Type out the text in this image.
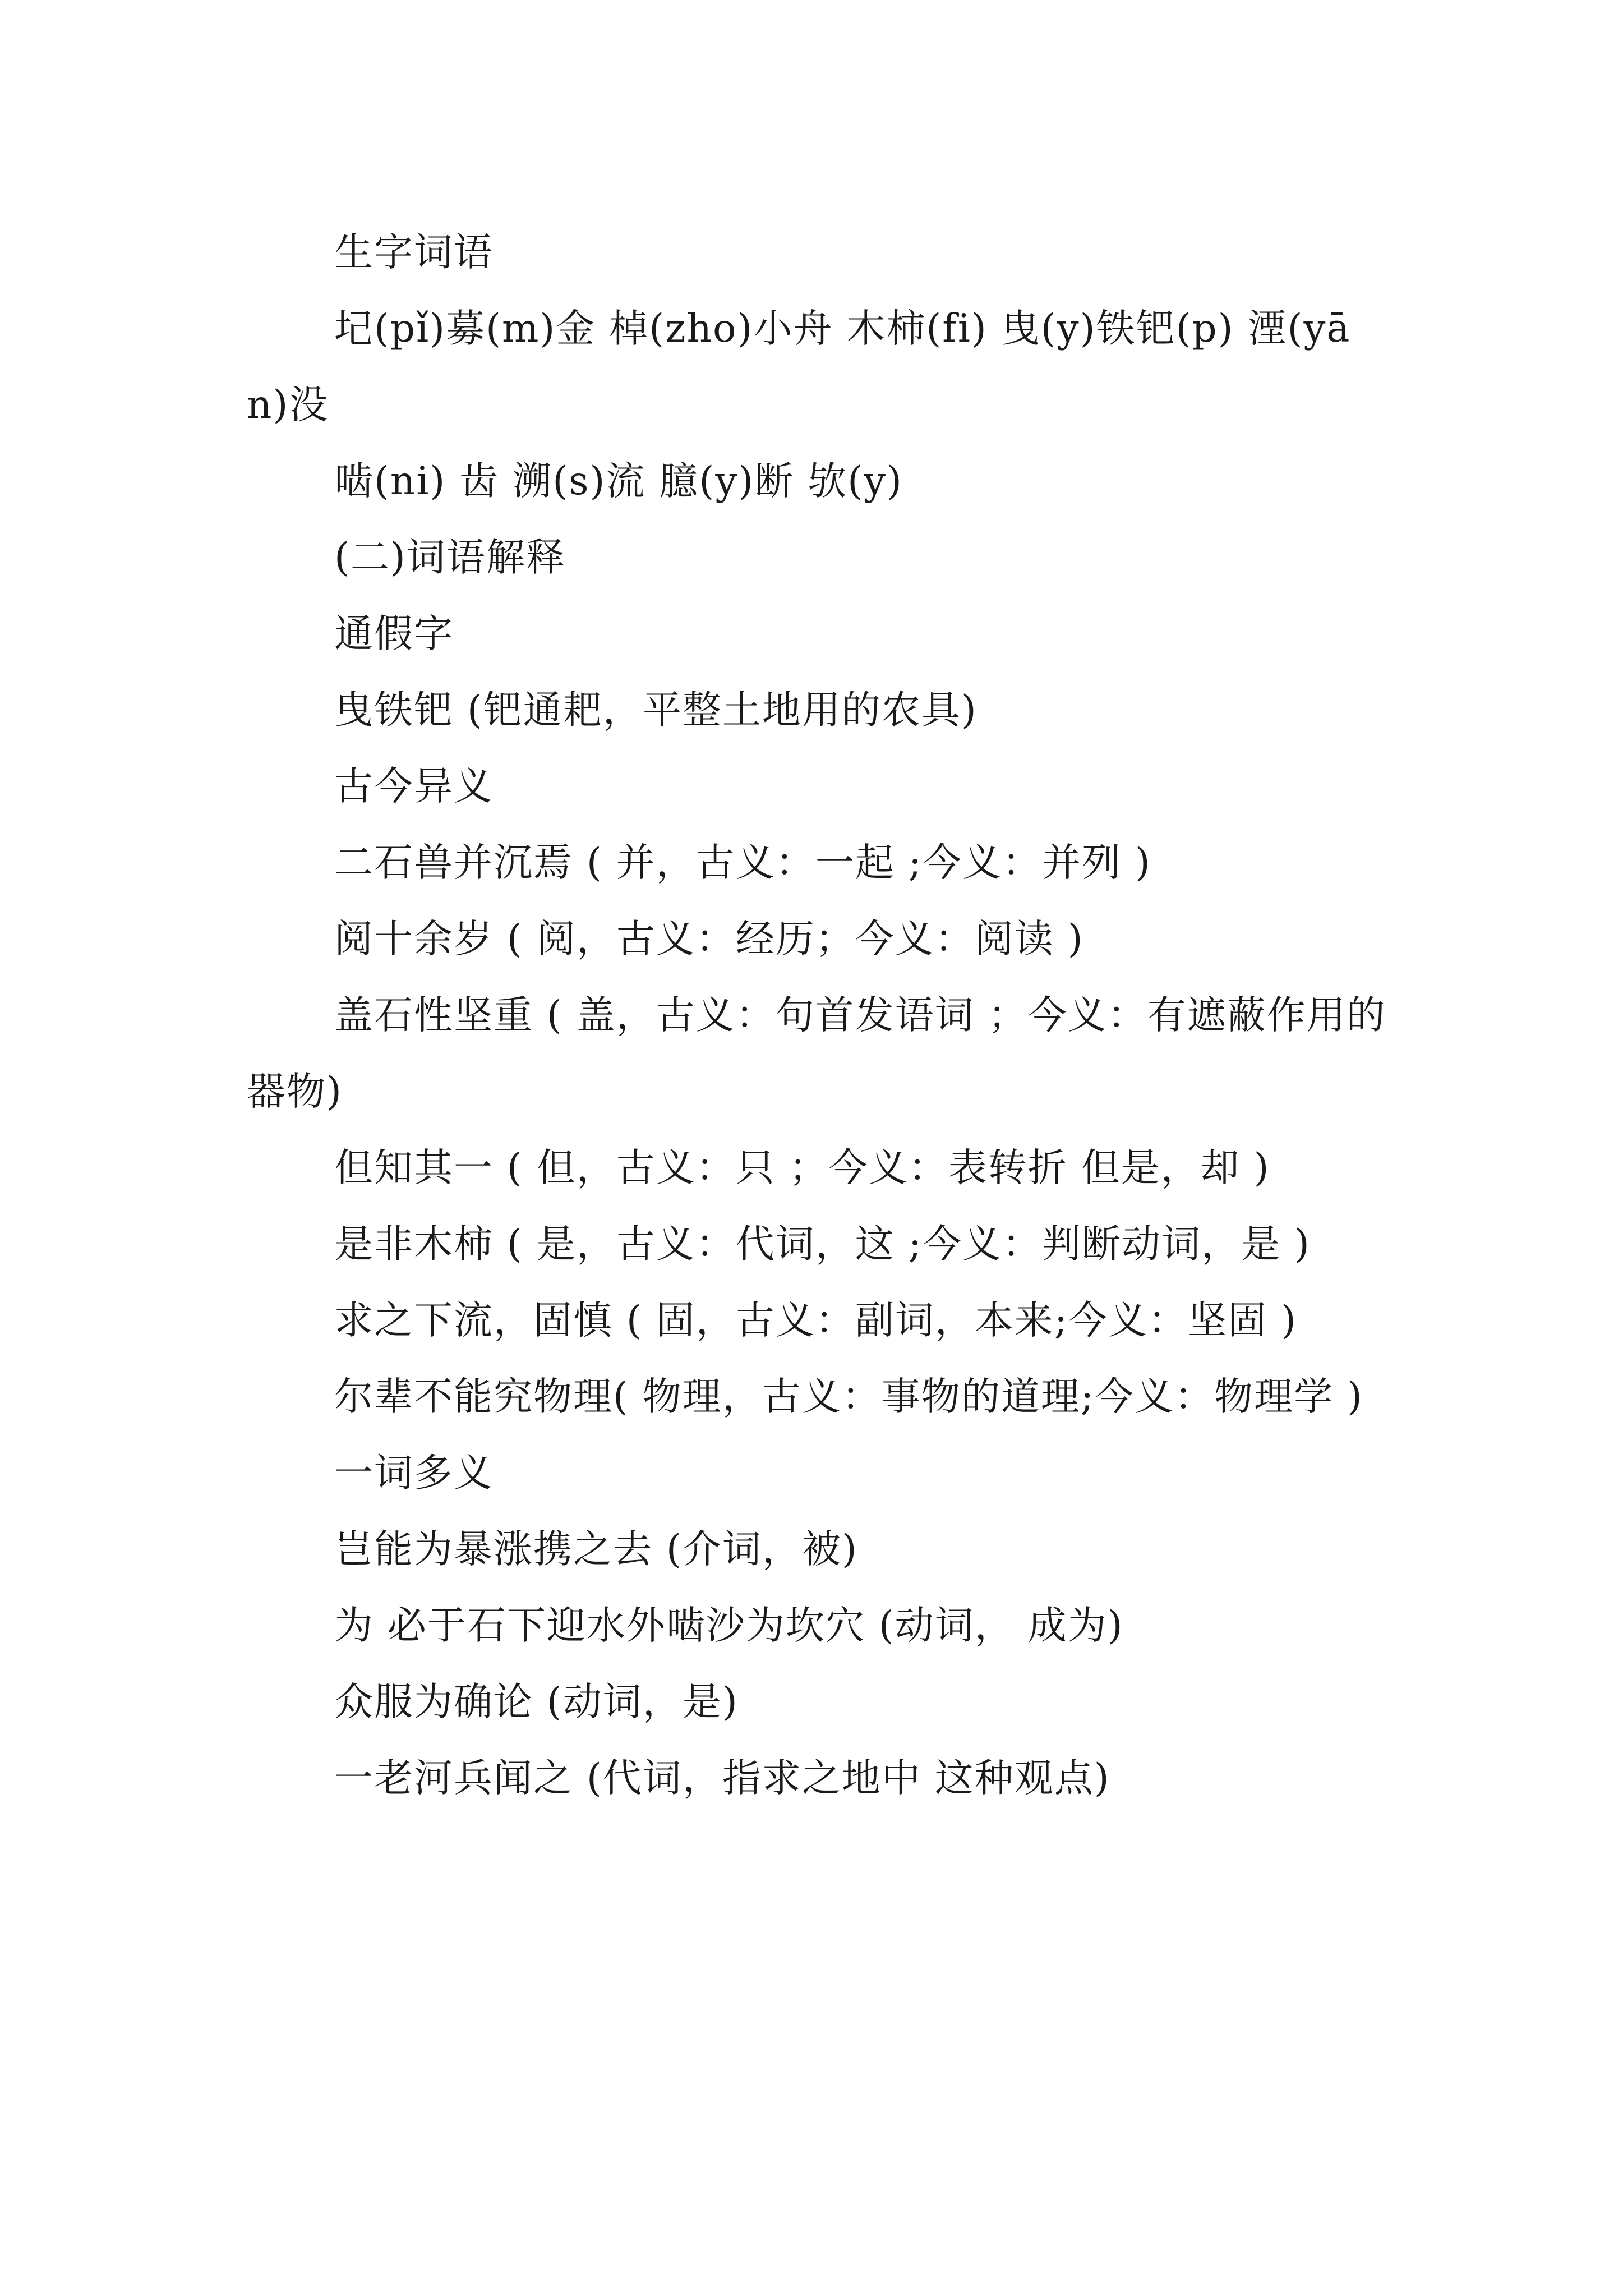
生字词语

圮(pǐ)募(m)金 棹(zho)小舟 木柿(fi) 曳(y)铁钯(p) 湮(yān)没

啮(ni) 齿 溯(s)流 臆(y)断 欤(y)

(二)词语解释

通假字

曳铁钯 (钯通耙，平整土地用的农具)

古今异义

二石兽并沉焉 ( 并，古义：一起 ;今义：并列 )

阅十余岁 ( 阅，古义：经历；今义：阅读 )

盖石性坚重 ( 盖，古义：句首发语词 ；今义：有遮蔽作用的器物)

但知其一 ( 但，古义：只 ；今义：表转折 但是，却 )

是非木柿 ( 是，古义：代词，这 ;今义：判断动词，是 )

求之下流，固慎 ( 固，古义：副词，本来;今义：坚固 )

尔辈不能究物理( 物理，古义：事物的道理;今义：物理学 )

一词多义

岂能为暴涨携之去 (介词，被)

为 必于石下迎水外啮沙为坎穴 (动词， 成为)

众服为确论 (动词，是)

一老河兵闻之 (代词，指求之地中 这种观点)
